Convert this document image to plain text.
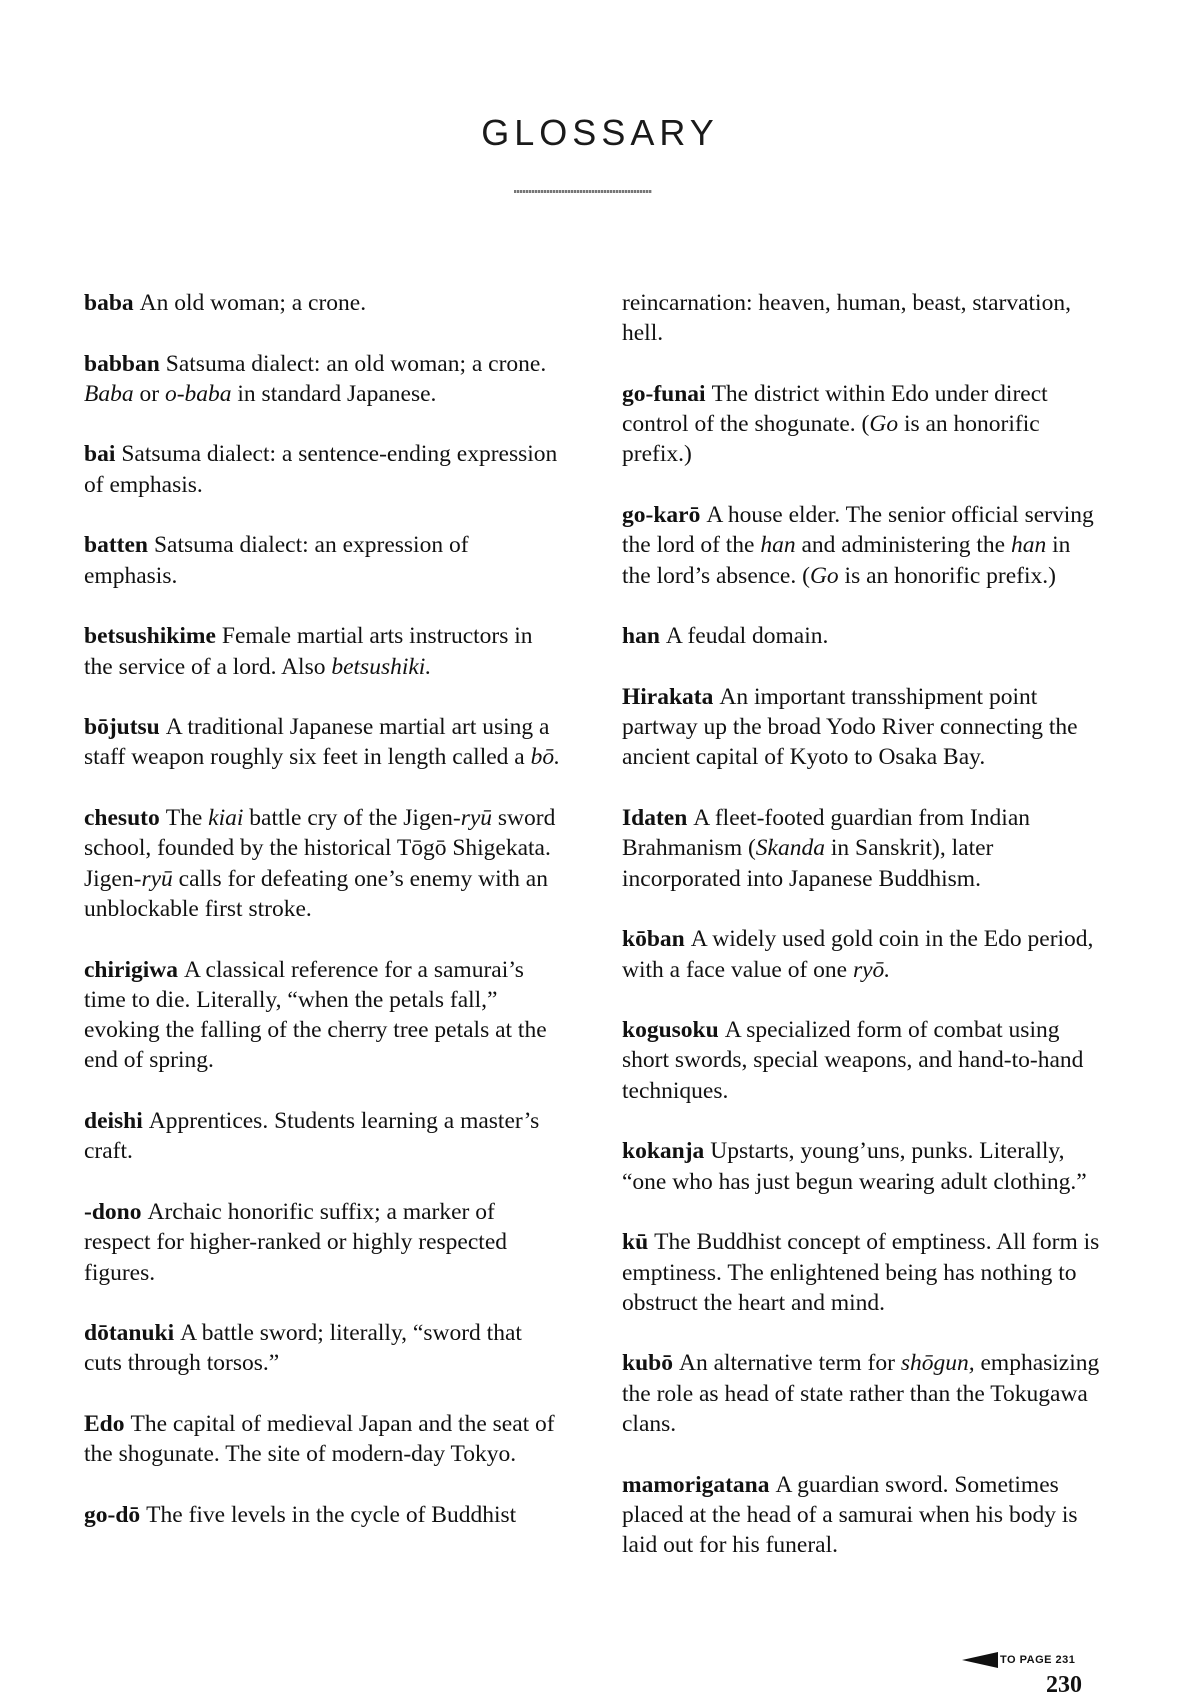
GLOSSARY

baba An old woman; a crone.

babban Satsuma dialect: an old woman; a crone. Baba or o-baba in standard Japanese.

bai Satsuma dialect: a sentence-ending expression of emphasis.

batten Satsuma dialect: an expression of emphasis.

betsushikime Female martial arts instructors in the service of a lord. Also betsushiki.

bōjutsu A traditional Japanese martial art using a staff weapon roughly six feet in length called a bō.

chesuto The kiai battle cry of the Jigen-ryū sword school, founded by the historical Tōgō Shigekata. Jigen-ryū calls for defeating one’s enemy with an unblockable first stroke.

chirigiwa A classical reference for a samurai’s time to die. Literally, “when the petals fall,” evoking the falling of the cherry tree petals at the end of spring.

deishi Apprentices. Students learning a master’s craft.

-dono Archaic honorific suffix; a marker of respect for higher-ranked or highly respected figures.

dōtanuki A battle sword; literally, “sword that cuts through torsos.”

Edo The capital of medieval Japan and the seat of the shogunate. The site of modern-day Tokyo.

go-dō The five levels in the cycle of Buddhist

reincarnation: heaven, human, beast, starvation, hell.

go-funai The district within Edo under direct control of the shogunate. (Go is an honorific prefix.)

go-karō A house elder. The senior official serving the lord of the han and administering the han in the lord’s absence. (Go is an honorific prefix.)

han A feudal domain.

Hirakata An important transshipment point partway up the broad Yodo River connecting the ancient capital of Kyoto to Osaka Bay.

Idaten A fleet-footed guardian from Indian Brahmanism (Skanda in Sanskrit), later incorporated into Japanese Buddhism.

kōban A widely used gold coin in the Edo period, with a face value of one ryō.

kogusoku A specialized form of combat using short swords, special weapons, and hand-to-hand techniques.

kokanja Upstarts, young’uns, punks. Literally, “one who has just begun wearing adult clothing.”

kū The Buddhist concept of emptiness. All form is emptiness. The enlightened being has nothing to obstruct the heart and mind.

kubō An alternative term for shōgun, emphasizing the role as head of state rather than the Tokugawa clans.

mamorigatana A guardian sword. Sometimes placed at the head of a samurai when his body is laid out for his funeral.

TO PAGE 231
230
